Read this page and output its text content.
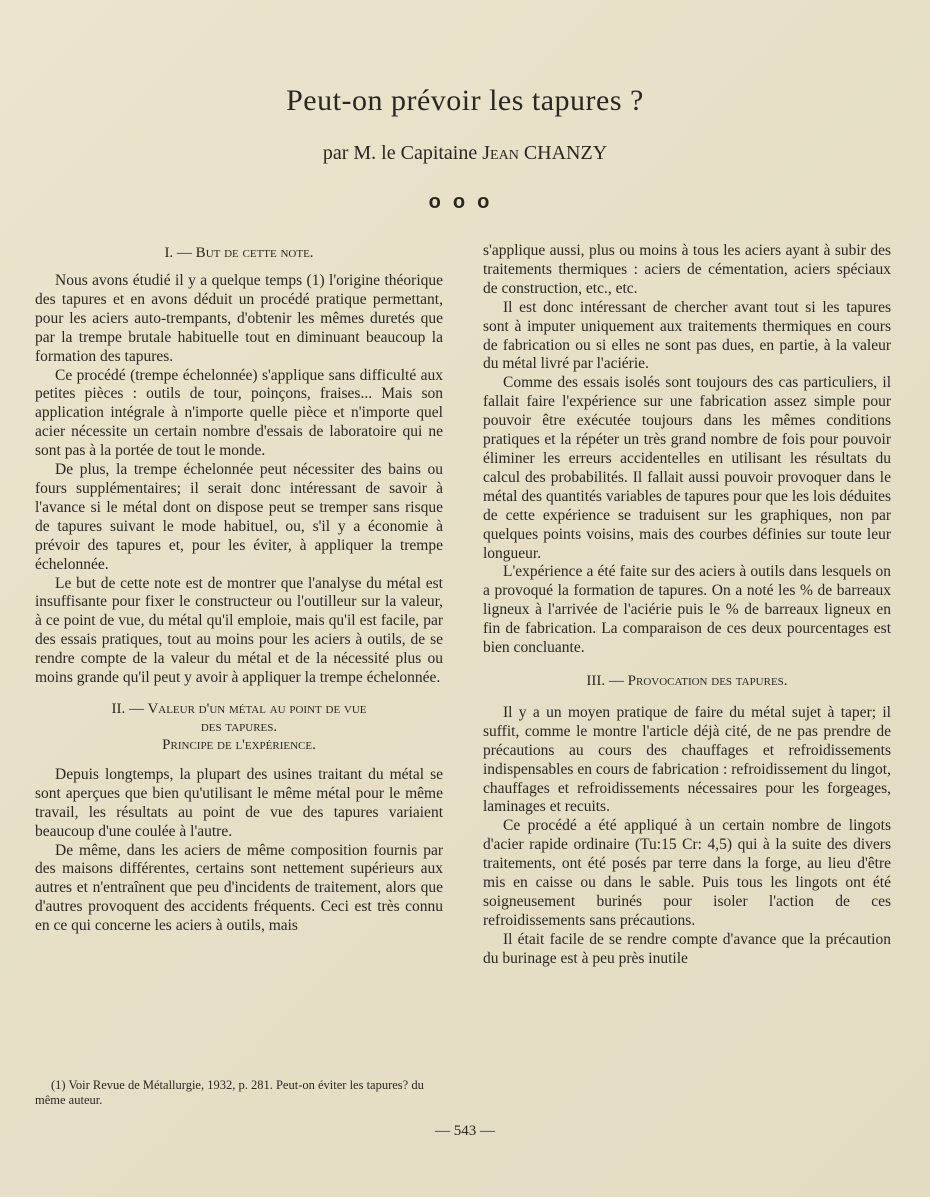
Peut-on prévoir les tapures ?
par M. le Capitaine Jean CHANZY
ooo
I. — But de cette note.

Nous avons étudié il y a quelque temps (1) l'origine théorique des tapures et en avons déduit un procédé pratique permettant, pour les aciers auto-trempants, d'obtenir les mêmes duretés que par la trempe brutale habituelle tout en diminuant beaucoup la formation des tapures.

Ce procédé (trempe échelonnée) s'applique sans difficulté aux petites pièces : outils de tour, poinçons, fraises... Mais son application intégrale à n'importe quelle pièce et n'importe quel acier nécessite un certain nombre d'essais de laboratoire qui ne sont pas à la portée de tout le monde.

De plus, la trempe échelonnée peut nécessiter des bains ou fours supplémentaires; il serait donc intéressant de savoir à l'avance si le métal dont on dispose peut se tremper sans risque de tapures suivant le mode habituel, ou, s'il y a économie à prévoir des tapures et, pour les éviter, à appliquer la trempe échelonnée.

Le but de cette note est de montrer que l'analyse du métal est insuffisante pour fixer le constructeur ou l'outilleur sur la valeur, à ce point de vue, du métal qu'il emploie, mais qu'il est facile, par des essais pratiques, tout au moins pour les aciers à outils, de se rendre compte de la valeur du métal et de la nécessité plus ou moins grande qu'il peut y avoir à appliquer la trempe échelonnée.

II. — Valeur d'un métal au point de vue
des tapures.
Principe de l'expérience.

Depuis longtemps, la plupart des usines traitant du métal se sont aperçues que bien qu'utilisant le même métal pour le même travail, les résultats au point de vue des tapures variaient beaucoup d'une coulée à l'autre.

De même, dans les aciers de même composition fournis par des maisons différentes, certains sont nettement supérieurs aux autres et n'entraînent que peu d'incidents de traitement, alors que d'autres provoquent des accidents fréquents. Ceci est très connu en ce qui concerne les aciers à outils, mais

s'applique aussi, plus ou moins à tous les aciers ayant à subir des traitements thermiques : aciers de cémentation, aciers spéciaux de construction, etc., etc.

Il est donc intéressant de chercher avant tout si les tapures sont à imputer uniquement aux traitements thermiques en cours de fabrication ou si elles ne sont pas dues, en partie, à la valeur du métal livré par l'aciérie.

Comme des essais isolés sont toujours des cas particuliers, il fallait faire l'expérience sur une fabrication assez simple pour pouvoir être exécutée toujours dans les mêmes conditions pratiques et la répéter un très grand nombre de fois pour pouvoir éliminer les erreurs accidentelles en utilisant les résultats du calcul des probabilités. Il fallait aussi pouvoir provoquer dans le métal des quantités variables de tapures pour que les lois déduites de cette expérience se traduisent sur les graphiques, non par quelques points voisins, mais des courbes définies sur toute leur longueur.

L'expérience a été faite sur des aciers à outils dans lesquels on a provoqué la formation de tapures. On a noté les % de barreaux ligneux à l'arrivée de l'aciérie puis le % de barreaux ligneux en fin de fabrication. La comparaison de ces deux pourcentages est bien concluante.

III. — Provocation des tapures.

Il y a un moyen pratique de faire du métal sujet à taper; il suffit, comme le montre l'article déjà cité, de ne pas prendre de précautions au cours des chauffages et refroidissements indispensables en cours de fabrication : refroidissement du lingot, chauffages et refroidissements nécessaires pour les forgeages, laminages et recuits.

Ce procédé a été appliqué à un certain nombre de lingots d'acier rapide ordinaire (Tu:15 Cr: 4,5) qui à la suite des divers traitements, ont été posés par terre dans la forge, au lieu d'être mis en caisse ou dans le sable. Puis tous les lingots ont été soigneusement burinés pour isoler l'action de ces refroidissements sans précautions.

Il était facile de se rendre compte d'avance que la précaution du burinage est à peu près inutile

(1) Voir Revue de Métallurgie, 1932, p. 281. Peut-on éviter les tapures? du même auteur.
— 543 —
